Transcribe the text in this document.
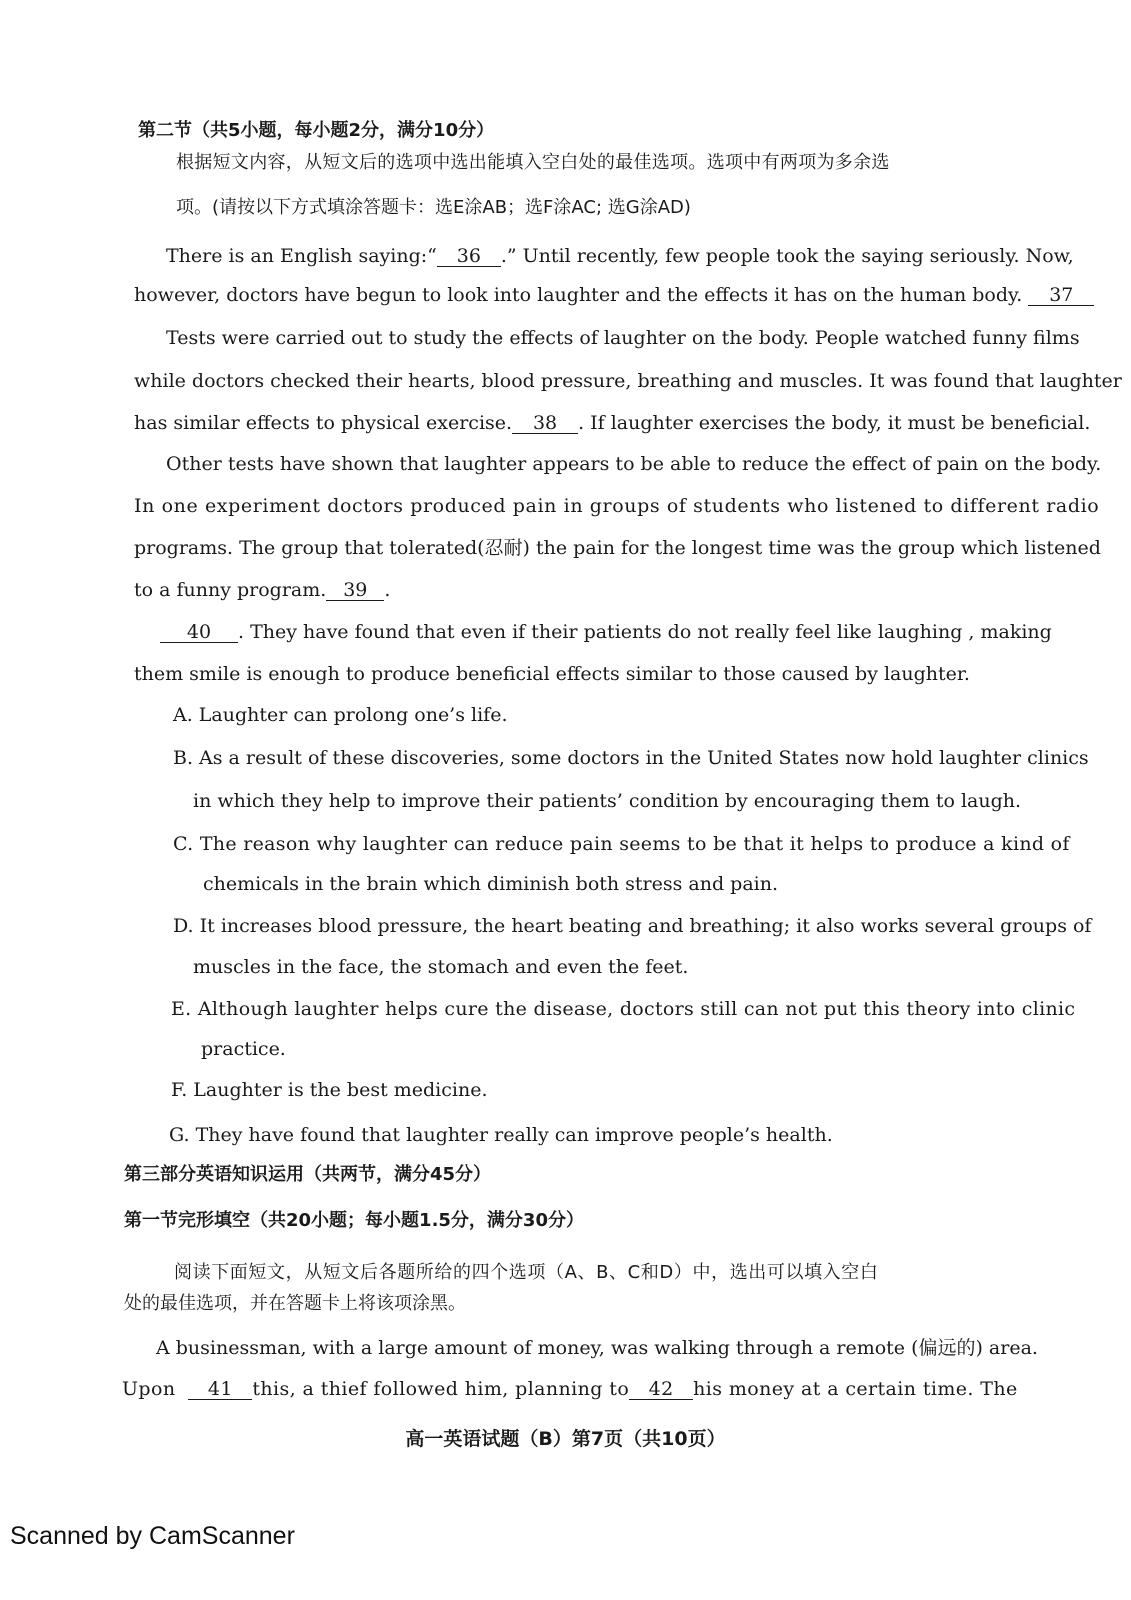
第二节（共5小题，每小题2分，满分10分）
根据短文内容，从短文后的选项中选出能填入空白处的最佳选项。选项中有两项为多余选
项。(请按以下方式填涂答题卡：选E涂AB；选F涂AC; 选G涂AD)
There is an English saying:“ 36 .” Until recently, few people took the saying seriously. Now,
however, doctors have begun to look into laughter and the effects it has on the human body. 37
Tests were carried out to study the effects of laughter on the body. People watched funny films
while doctors checked their hearts, blood pressure, breathing and muscles. It was found that laughter
has similar effects to physical exercise. 38 . If laughter exercises the body, it must be beneficial.
Other tests have shown that laughter appears to be able to reduce the effect of pain on the body.
In one experiment doctors produced pain in groups of students who listened to different radio
programs. The group that tolerated(忍耐) the pain for the longest time was the group which listened
to a funny program. 39 .
40 . They have found that even if their patients do not really feel like laughing , making
them smile is enough to produce beneficial effects similar to those caused by laughter.
A. Laughter can prolong one’s life.
B. As a result of these discoveries, some doctors in the United States now hold laughter clinics
in which they help to improve their patients’ condition by encouraging them to laugh.
C. The reason why laughter can reduce pain seems to be that it helps to produce a kind of
chemicals in the brain which diminish both stress and pain.
D. It increases blood pressure, the heart beating and breathing; it also works several groups of
muscles in the face, the stomach and even the feet.
E. Although laughter helps cure the disease, doctors still can not put this theory into clinic
practice.
F. Laughter is the best medicine.
G. They have found that laughter really can improve people’s health.
第三部分英语知识运用（共两节，满分45分）
第一节完形填空（共20小题；每小题1.5分，满分30分）
阅读下面短文，从短文后各题所给的四个选项（A、B、C和D）中，选出可以填入空白
处的最佳选项，并在答题卡上将该项涂黑。
A businessman, with a large amount of money, was walking through a remote (偏远的) area.
Upon 41 this, a thief followed him, planning to 42 his money at a certain time. The
高一英语试题（B）第7页（共10页）
Scanned by CamScanner
